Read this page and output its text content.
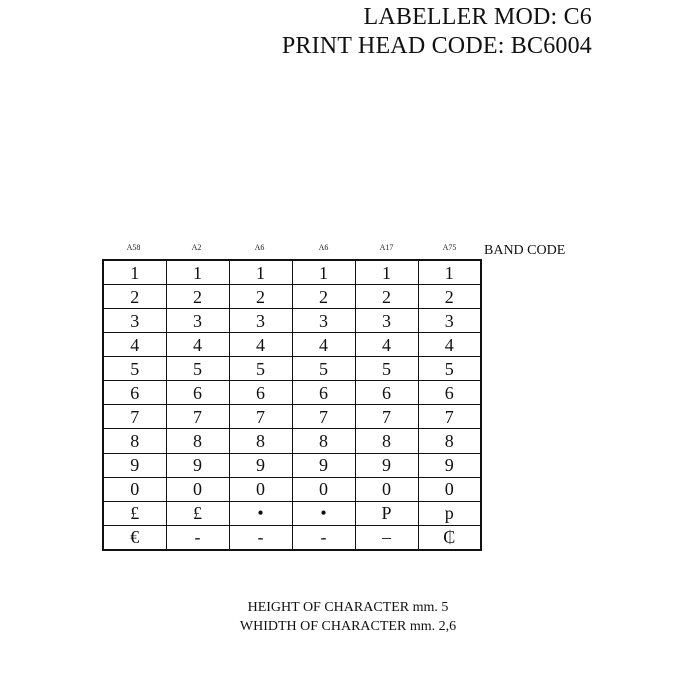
LABELLER MOD: C6
PRINT HEAD CODE: BC6004
A58	A2	A6	A6	A17	A75	BAND CODE
1	1	1	1	1	1
2	2	2	2	2	2
3	3	3	3	3	3
4	4	4	4	4	4
5	5	5	5	5	5
6	6	6	6	6	6
7	7	7	7	7	7
8	8	8	8	8	8
9	9	9	9	9	9
0	0	0	0	0	0
£	£	•	•	P	p
€	-	-	-	–	₵
HEIGHT OF CHARACTER mm. 5
WHIDTH OF CHARACTER mm. 2,6
